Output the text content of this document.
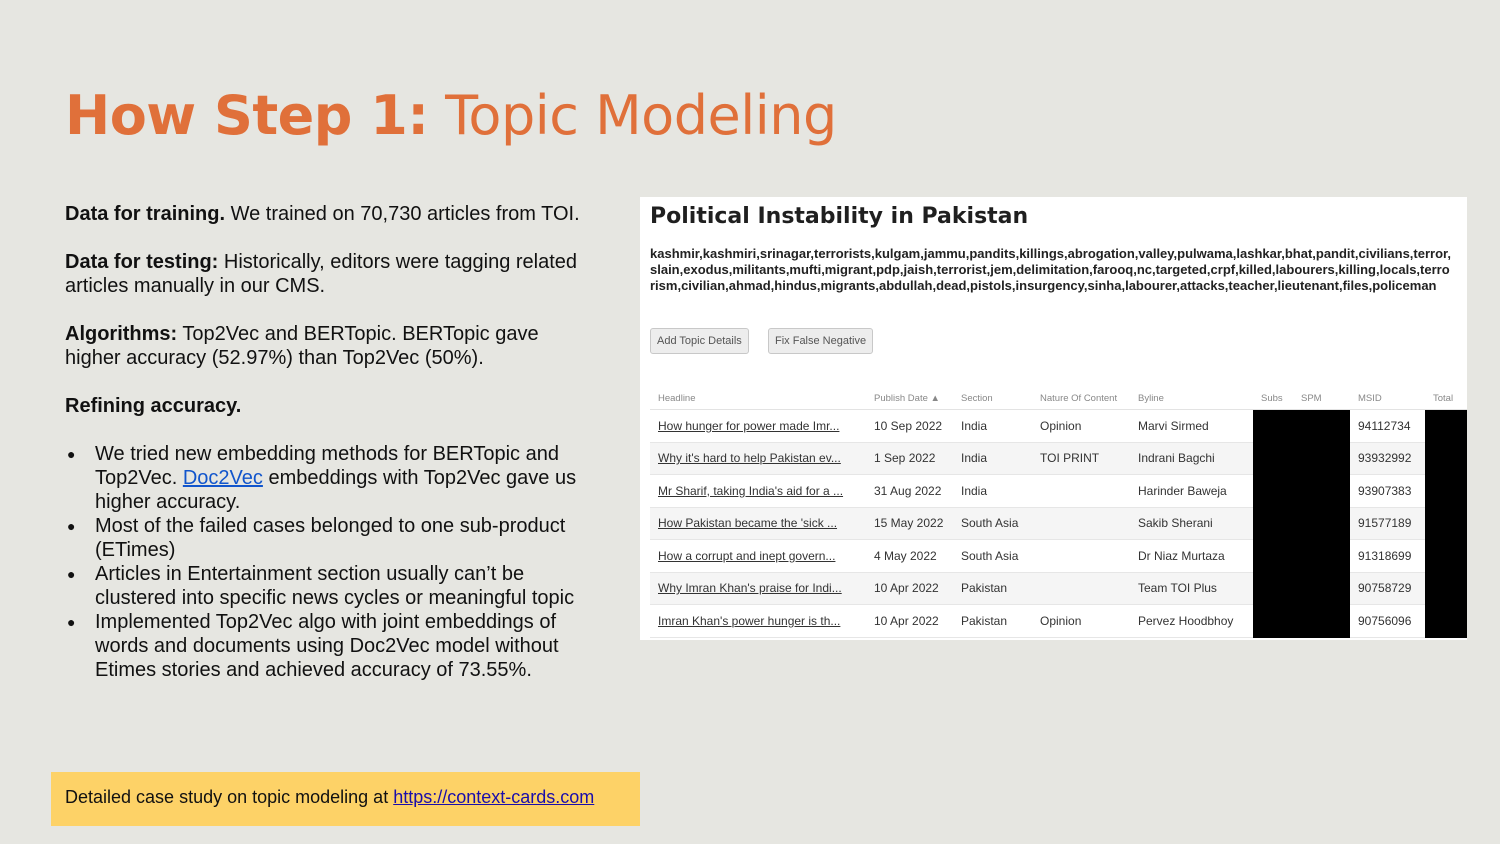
How Step 1: Topic Modeling

Data for training. We trained on 70,730 articles from TOI.

Data for testing: Historically, editors were tagging related articles manually in our CMS.

Algorithms: Top2Vec and BERTopic. BERTopic gave higher accuracy (52.97%) than Top2Vec (50%).

Refining accuracy.

● We tried new embedding methods for BERTopic and Top2Vec. Doc2Vec embeddings with Top2Vec gave us higher accuracy.
● Most of the failed cases belonged to one sub-product (ETimes)
● Articles in Entertainment section usually can’t be clustered into specific news cycles or meaningful topic
● Implemented Top2Vec algo with joint embeddings of words and documents using Doc2Vec model without Etimes stories and achieved accuracy of 73.55%.
Detailed case study on topic modeling at https://context-cards.com
Political Instability in Pakistan
kashmir,kashmiri,srinagar,terrorists,kulgam,jammu,pandits,killings,abrogation,valley,pulwama,lashkar,bhat,pandit,civilians,terror,slain,exodus,militants,mufti,migrant,pdp,jaish,terrorist,jem,delimitation,farooq,nc,targeted,crpf,killed,labourers,killing,locals,terrorism,civilian,ahmad,hindus,migrants,abdullah,dead,pistols,insurgency,sinha,labourer,attacks,teacher,lieutenant,files,policeman
Add Topic Details	Fix False Negative
Headline	Publish Date ▲	Section	Nature Of Content	Byline	Subs	SPM	MSID	Total
How hunger for power made Imr...	10 Sep 2022	India	Opinion	Marvi Sirmed			94112734	
Why it's hard to help Pakistan ev...	1 Sep 2022	India	TOI PRINT	Indrani Bagchi			93932992	
Mr Sharif, taking India's aid for a ...	31 Aug 2022	India		Harinder Baweja			93907383	
How Pakistan became the 'sick ...	15 May 2022	South Asia		Sakib Sherani			91577189	
How a corrupt and inept govern...	4 May 2022	South Asia		Dr Niaz Murtaza			91318699	
Why Imran Khan's praise for Indi...	10 Apr 2022	Pakistan		Team TOI Plus			90758729	
Imran Khan's power hunger is th...	10 Apr 2022	Pakistan	Opinion	Pervez Hoodbhoy			90756096	
